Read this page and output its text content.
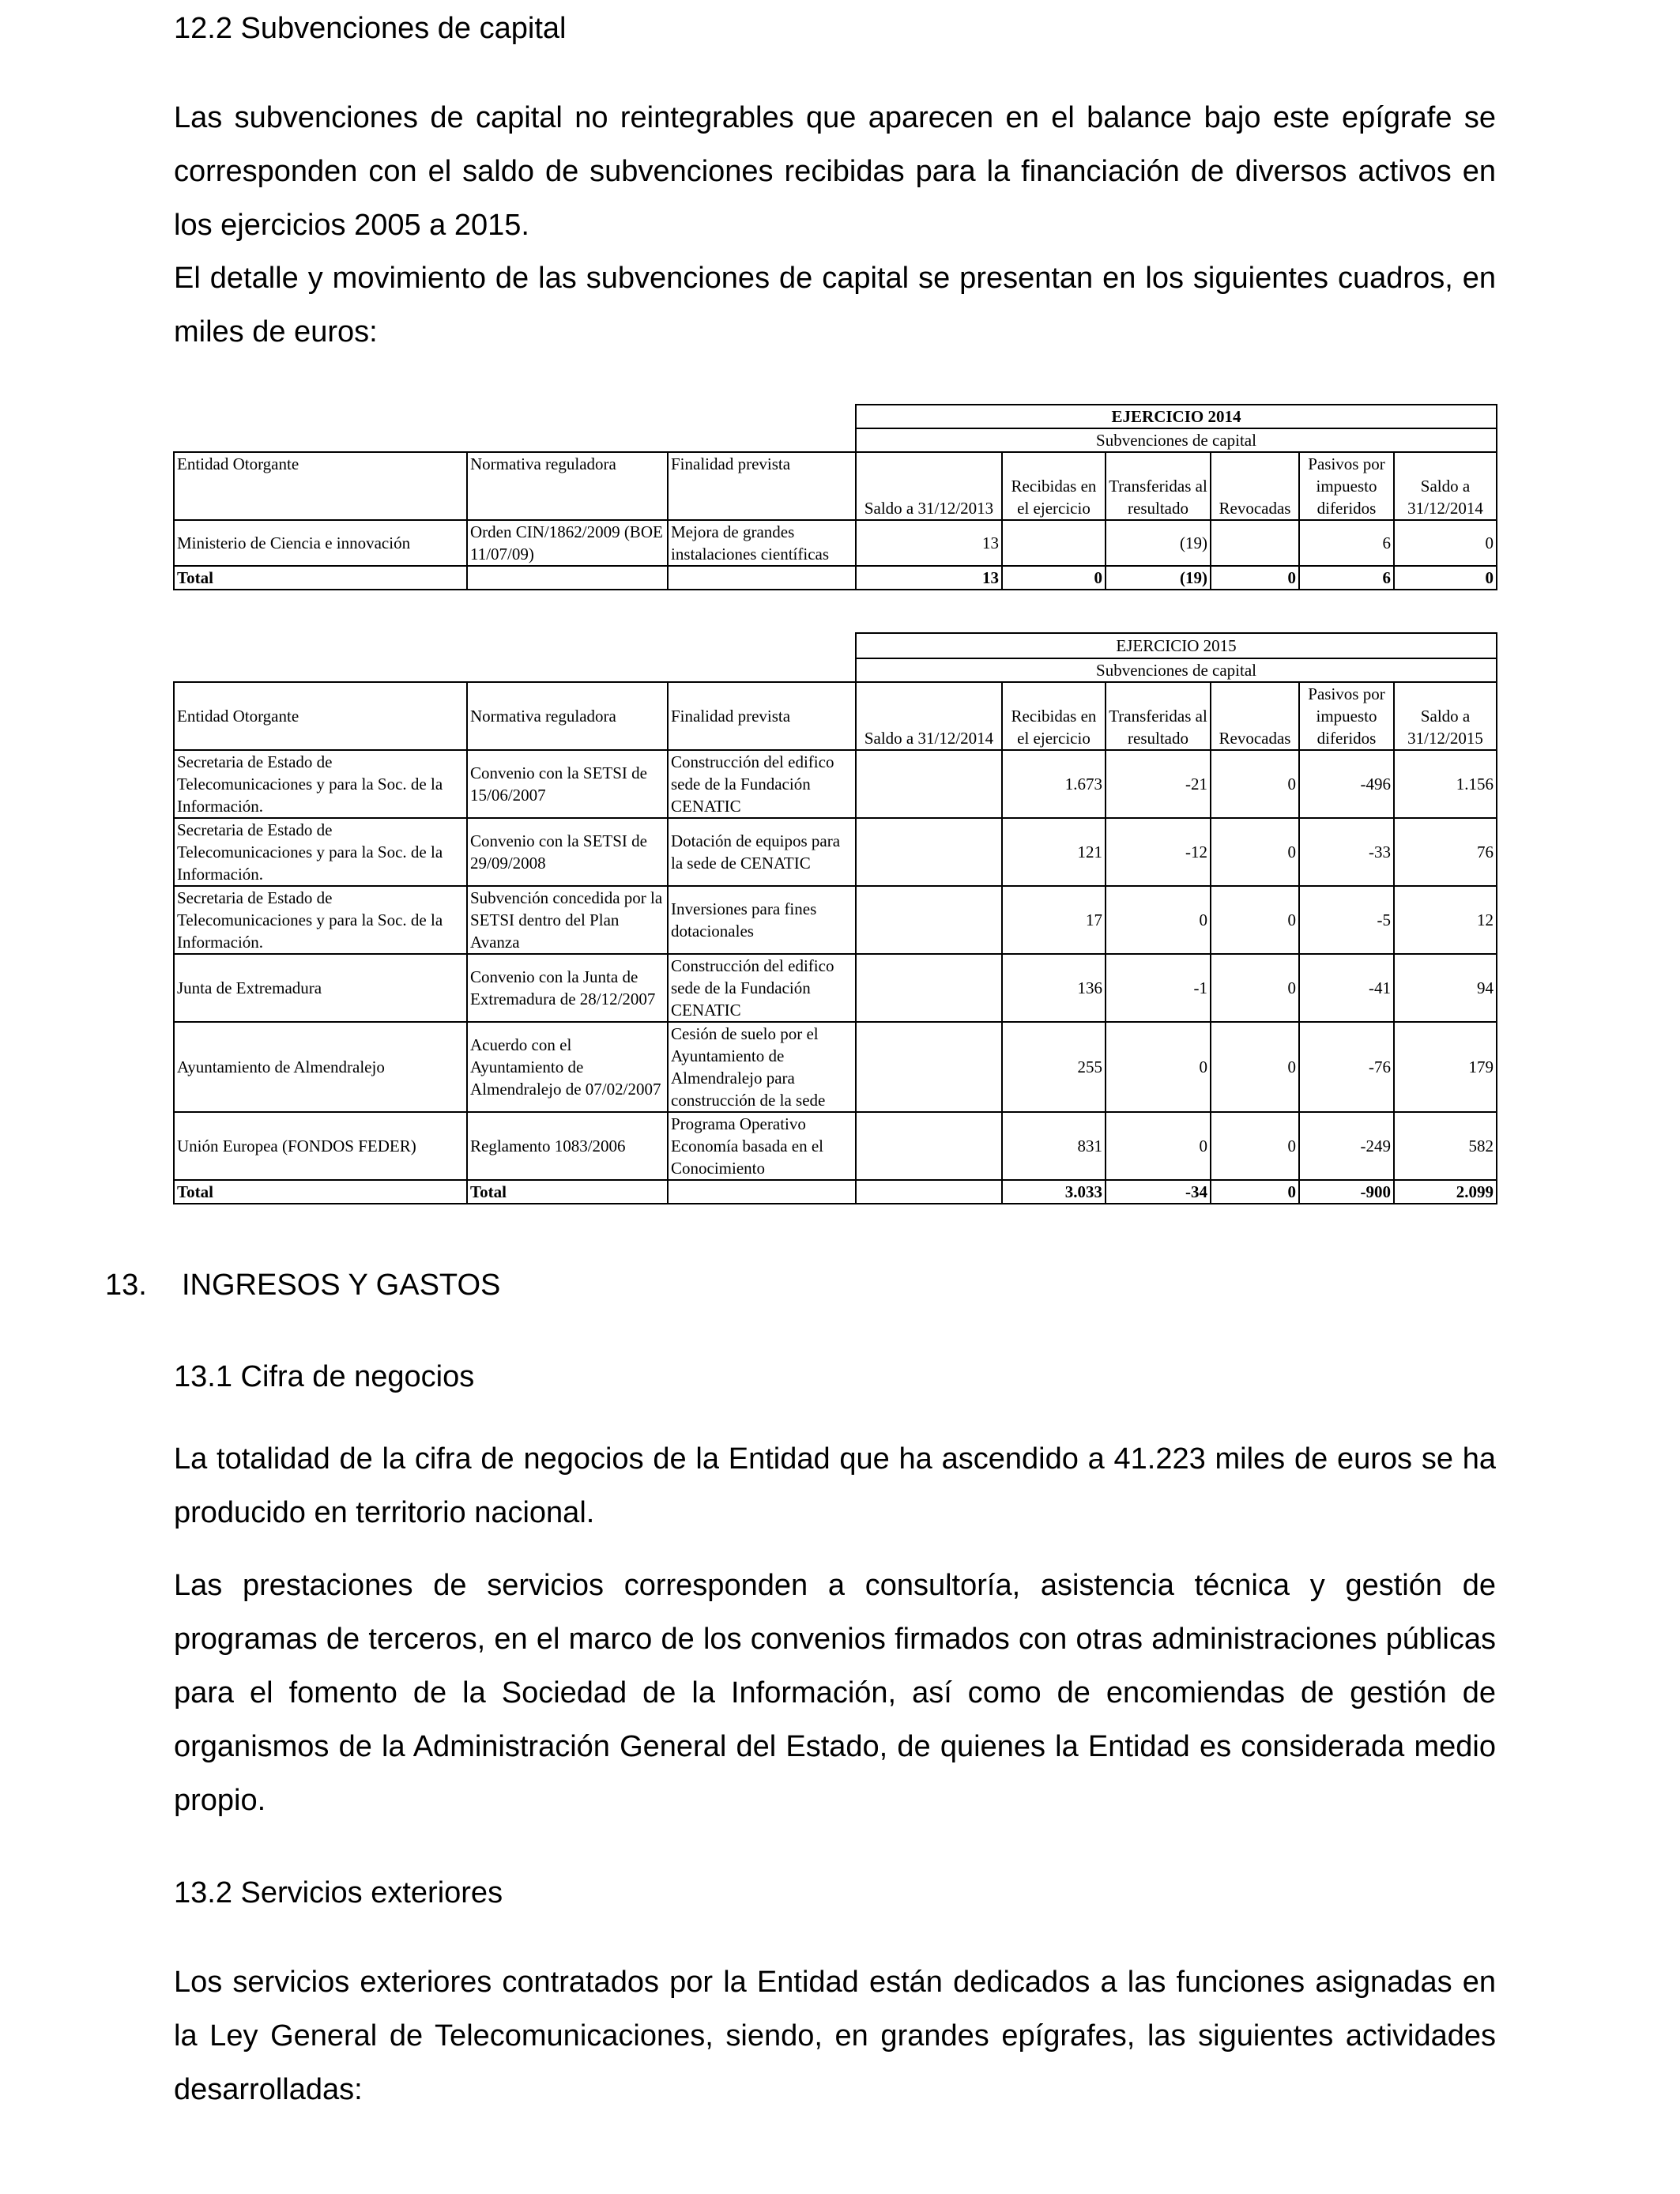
12.2 Subvenciones de capital
Las subvenciones de capital no reintegrables que aparecen en el balance bajo este epígrafe se corresponden con el saldo de subvenciones recibidas para la financiación de diversos activos en los ejercicios 2005 a 2015.
El detalle y movimiento de las subvenciones de capital se presentan en los siguientes cuadros, en miles de euros:
			EJERCICIO 2014					
			Subvenciones de capital					
Entidad Otorgante	Normativa reguladora	Finalidad prevista	Saldo a 31/12/2013	Recibidas en el ejercicio	Transferidas al resultado	Revocadas	Pasivos por impuesto diferidos	Saldo a 31/12/2014
Ministerio de Ciencia e innovación	Orden CIN/1862/2009 (BOE 11/07/09)	Mejora de grandes instalaciones científicas	13		(19)		6	0
Total			13	0	(19)	0	6	0
			EJERCICIO 2015					
			Subvenciones de capital					
Entidad Otorgante	Normativa reguladora	Finalidad prevista	Saldo a 31/12/2014	Recibidas en el ejercicio	Transferidas al resultado	Revocadas	Pasivos por impuesto diferidos	Saldo a 31/12/2015
Secretaria de Estado de Telecomunicaciones y para la Soc. de la Información.	Convenio con la SETSI de 15/06/2007	Construcción del edifico sede de la Fundación CENATIC		1.673	-21	0	-496	1.156
Secretaria de Estado de Telecomunicaciones y para la Soc. de la Información.	Convenio con la SETSI de 29/09/2008	Dotación de equipos para la sede de CENATIC		121	-12	0	-33	76
Secretaria de Estado de Telecomunicaciones y para la Soc. de la Información.	Subvención concedida por la SETSI dentro del Plan Avanza	Inversiones para fines dotacionales		17	0	0	-5	12
Junta de Extremadura	Convenio con la Junta de Extremadura de 28/12/2007	Construcción del edifico sede de la Fundación CENATIC		136	-1	0	-41	94
Ayuntamiento de Almendralejo	Acuerdo con el Ayuntamiento de Almendralejo de 07/02/2007	Cesión de suelo por el Ayuntamiento de Almendralejo para construcción de la sede		255	0	0	-76	179
Unión Europea (FONDOS FEDER)	Reglamento 1083/2006	Programa Operativo Economía basada en el Conocimiento		831	0	0	-249	582
Total	Total			3.033	-34	0	-900	2.099
13. INGRESOS Y GASTOS
13.1 Cifra de negocios
La totalidad de la cifra de negocios de la Entidad que ha ascendido a 41.223 miles de euros se ha producido en territorio nacional.
Las prestaciones de servicios corresponden a consultoría, asistencia técnica y gestión de programas de terceros, en el marco de los convenios firmados con otras administraciones públicas para el fomento de la Sociedad de la Información, así como de encomiendas de gestión de organismos de la Administración General del Estado, de quienes la Entidad es considerada medio propio.
13.2 Servicios exteriores
Los servicios exteriores contratados por la Entidad están dedicados a las funciones asignadas en la Ley General de Telecomunicaciones, siendo, en grandes epígrafes, las siguientes actividades desarrolladas:
